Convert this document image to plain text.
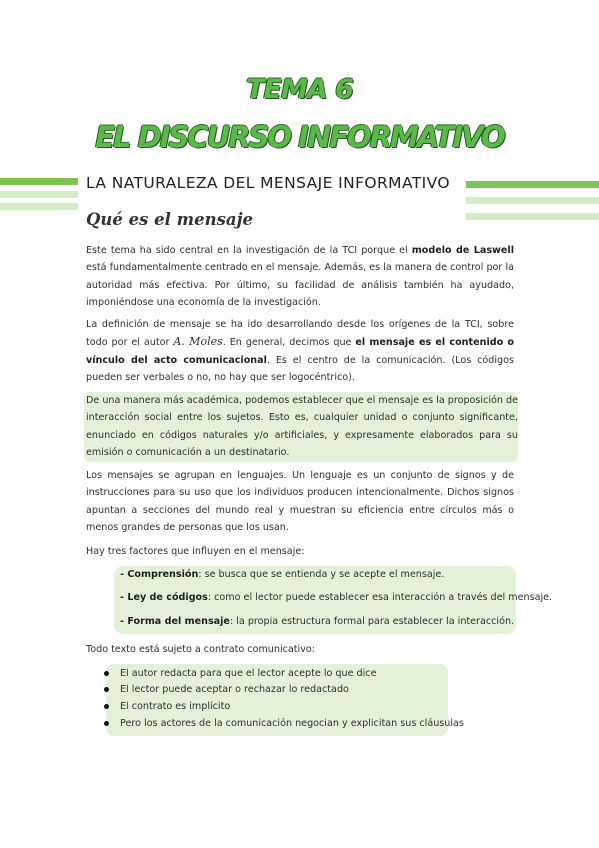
TEMA 6
EL DISCURSO INFORMATIVO
LA NATURALEZA DEL MENSAJE INFORMATIVO
Qué es el mensaje
Este tema ha sido central en la investigación de la TCI porque el modelo de Laswell está fundamentalmente centrado en el mensaje. Además, es la manera de control por la autoridad más efectiva. Por último, su facilidad de análisis también ha ayudado, imponiéndose una economía de la investigación.
La definición de mensaje se ha ido desarrollando desde los orígenes de la TCI, sobre todo por el autor A. Moles. En general, decimos que el mensaje es el contenido o vínculo del acto comunicacional. Es el centro de la comunicación. (Los códigos pueden ser verbales o no, no hay que ser logocéntrico).
De una manera más académica, podemos establecer que el mensaje es la proposición de interacción social entre los sujetos. Esto es, cualquier unidad o conjunto significante, enunciado en códigos naturales y/o artificiales, y expresamente elaborados para su emisión o comunicación a un destinatario.
Los mensajes se agrupan en lenguajes. Un lenguaje es un conjunto de signos y de instrucciones para su uso que los individuos producen intencionalmente. Dichos signos apuntan a secciones del mundo real y muestran su eficiencia entre círculos más o menos grandes de personas que los usan.
Hay tres factores que influyen en el mensaje:
- Comprensión: se busca que se entienda y se acepte el mensaje.
- Ley de códigos: como el lector puede establecer esa interacción a través del mensaje.
- Forma del mensaje: la propia estructura formal para establecer la interacción.
Todo texto está sujeto a contrato comunicativo:
El autor redacta para que el lector acepte lo que dice
El lector puede aceptar o rechazar lo redactado
El contrato es implícito
Pero los actores de la comunicación negocian y explicitan sus cláusulas
